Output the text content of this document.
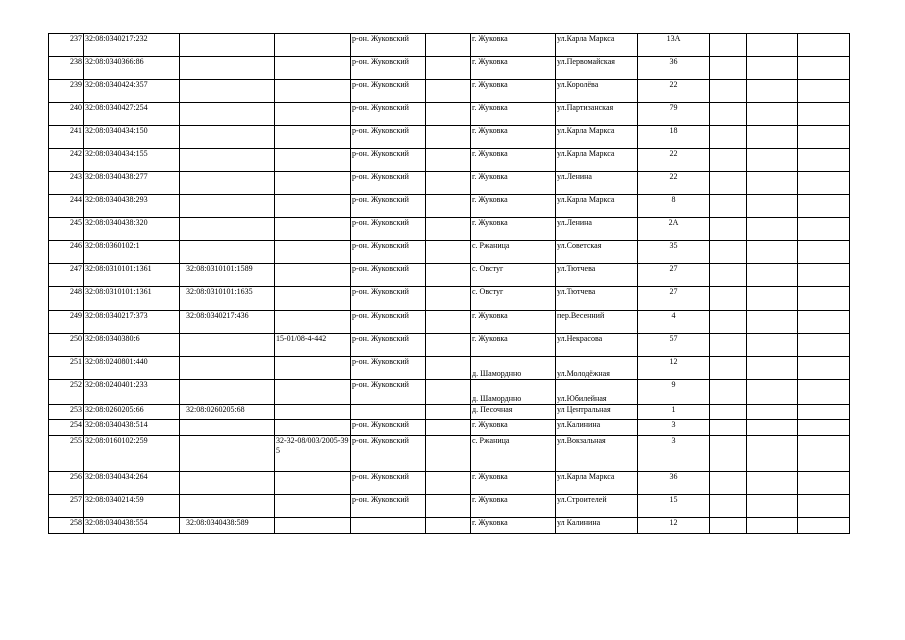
237	32:08:0340217:232			р-он. Жуковский		г. Жуковка	ул.Карла Маркса	13А			
238	32:08:0340366:86			р-он. Жуковский		г. Жуковка	ул.Первомайская	36			
239	32:08:0340424:357			р-он. Жуковский		г. Жуковка	ул.Королёва	22			
240	32:08:0340427:254			р-он. Жуковский		г. Жуковка	ул.Партизанская	79			
241	32:08:0340434:150			р-он. Жуковский		г. Жуковка	ул.Карла Маркса	18			
242	32:08:0340434:155			р-он. Жуковский		г. Жуковка	ул.Карла Маркса	22			
243	32:08:0340438:277			р-он. Жуковский		г. Жуковка	ул.Ленина	22			
244	32:08:0340438:293			р-он. Жуковский		г. Жуковка	ул.Карла Маркса	8			
245	32:08:0340438:320			р-он. Жуковский		г. Жуковка	ул.Ленина	2А			
246	32:08:0360102:1			р-он. Жуковский		с. Ржаница	ул.Советская	35			
247	32:08:0310101:1361	32:08:0310101:1589		р-он. Жуковский		с. Овстуг	ул.Тютчева	27			
248	32:08:0310101:1361	32:08:0310101:1635		р-он. Жуковский		с. Овстуг	ул.Тютчева	27			
249	32:08:0340217:373	32:08:0340217:436		р-он. Жуковский		г. Жуковка	пер.Весенний	4			
250	32:08:0340380:6		15-01/08-4-442	р-он. Жуковский		г. Жуковка	ул.Некрасова	57			
251	32:08:0240801:440			р-он. Жуковский		д. Шаморднно	ул.Молодёжная	12			
252	32:08:0240401:233			р-он. Жуковский		д. Шаморднно	ул.Юбилейная	9			
253	32:08:0260205:66	32:08:0260205:68				д. Песочная	ул Центральная	1			
254	32:08:0340438:514			р-он. Жуковский		г. Жуковка	ул.Калинина	3			
255	32:08:0160102:259		32-32-08/003/2005-395	р-он. Жуковский		с. Ржаница	ул.Вокзальная	3			
256	32:08:0340434:264			р-он. Жуковский		г. Жуковка	ул.Карла Маркса	36			
257	32:08:0340214:59			р-он. Жуковский		г. Жуковка	ул.Строителей	15			
258	32:08:0340438:554	32:08:0340438:589				г. Жуковка	ул Калинина	12			
